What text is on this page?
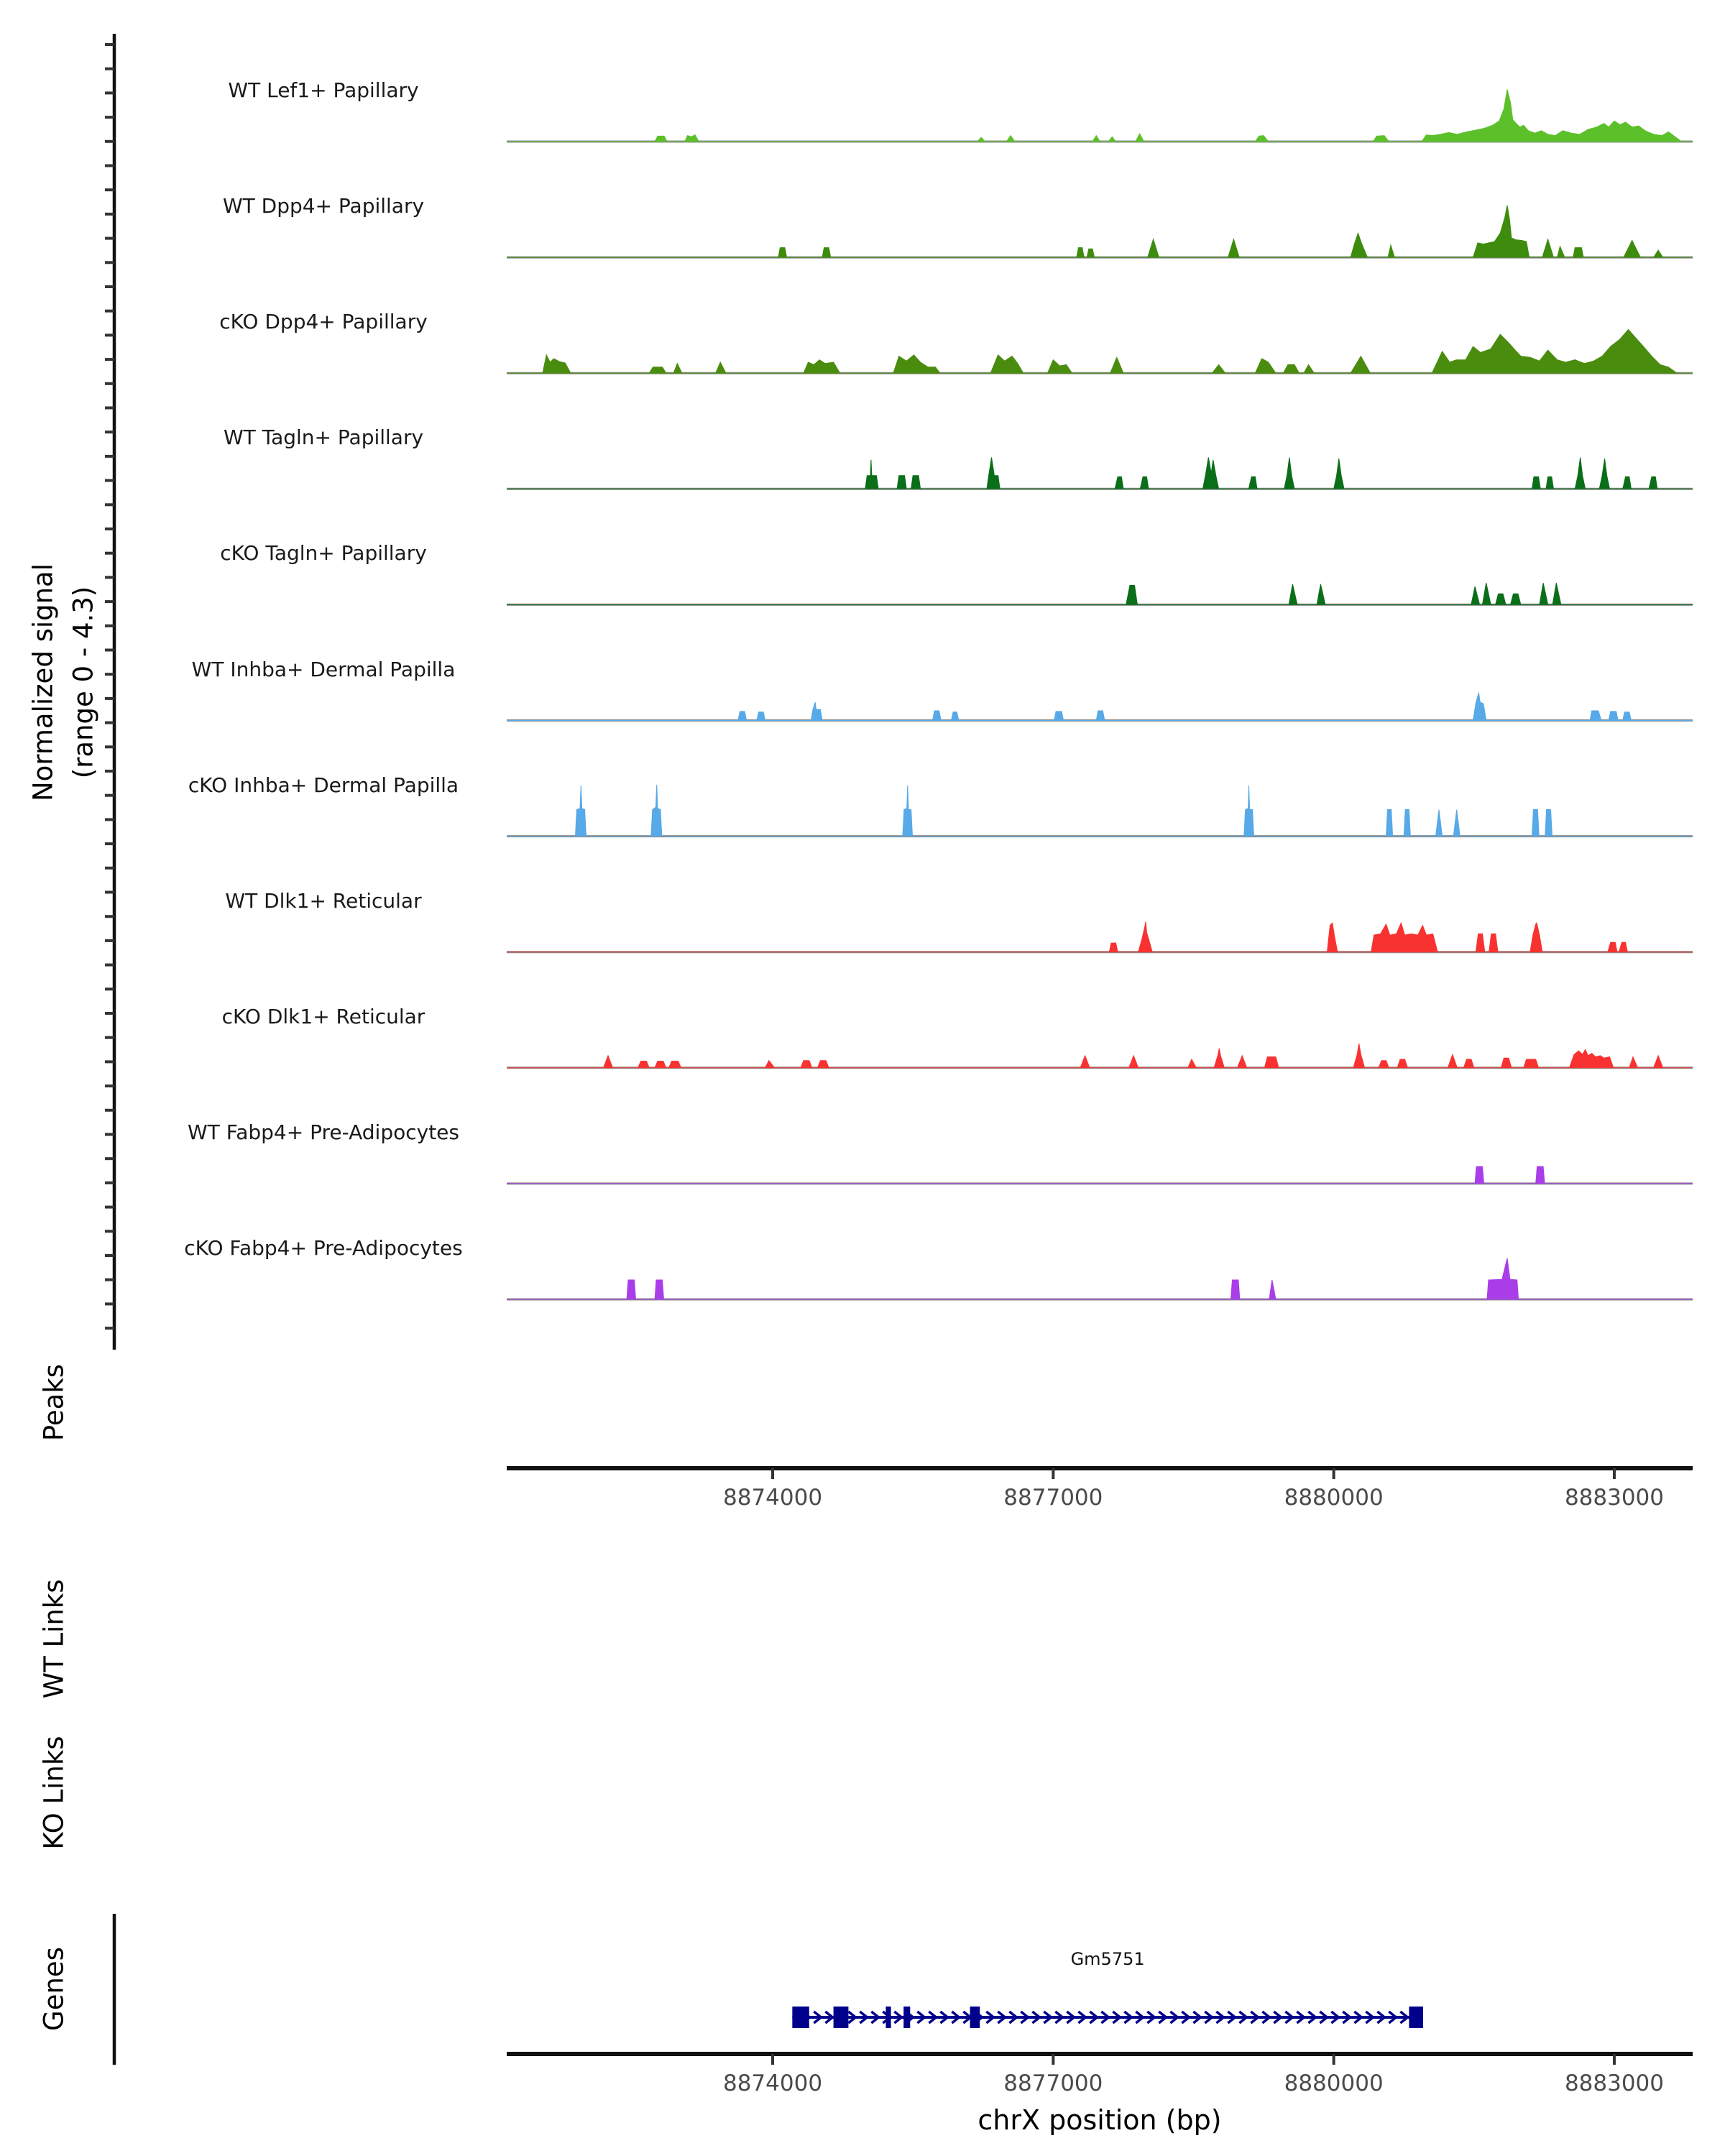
Normalized signal (range 0 - 4.3)
Peaks
WT Links
KO Links
Genes	Gm5751
chrX position (bp)
WT Lef1+ Papillary
WT Dpp4+ Papillary
cKO Dpp4+ Papillary
WT Tagln+ Papillary
cKO Tagln+ Papillary
WT Inhba+ Dermal Papilla
cKO Inhba+ Dermal Papilla
WT Dlk1+ Reticular
cKO Dlk1+ Reticular
WT Fabp4+ Pre-Adipocytes
cKO Fabp4+ Pre-Adipocytes
8874000	8877000	8880000	8883000
8874000	8877000	8880000	8883000
